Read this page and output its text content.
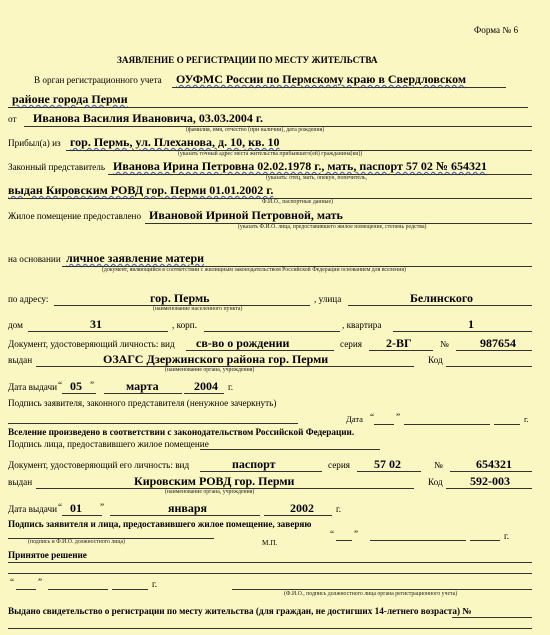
Форма № 6
ЗАЯВЛЕНИЕ О РЕГИСТРАЦИИ ПО МЕСТУ ЖИТЕЛЬСТВА
В орган регистрационного учета ОУФМС России по Пермскому краю в Свердловском
районе города Перми
от Иванова Василия Ивановича, 03.03.2004 г.
(фамилия, имя, отчество (при наличии), дата рождения)
Прибыл(а) из гор. Пермь, ул. Плеханова, д. 10, кв. 10
(указать точный адрес места жительства прибывшего(ей) гражданина(ки))
Законный представитель Иванова Ирина Петровна 02.02.1978 г., мать, паспорт 57 02 № 654321
(указать: отец, мать, опекун, попечитель,
выдан Кировским РОВД гор. Перми 01.01.2002 г.
Ф.И.О., паспортные данные)
Жилое помещение предоставлено Ивановой Ириной Петровной, мать
(указать Ф.И.О. лица, предоставившего жилое помещение, степень родства)
на основании личное заявление матери
(документ, являющийся в соответствии с жилищным законодательством Российской Федерации основанием для вселения)
по адресу:	гор. Пермь
(наименование населенного пункта)
, улица	Белинского
дом	31	, корп.	, квартира	1
Документ, удостоверяющий личность: вид св-во о рождении	серия 2-ВГ	№	987654
выдан	ОЗАГС Дзержинского района гор. Перми
(наименование органа, учреждения)
Код
Дата выдачи “ 05 ”	марта	2004 г.
Подпись заявителя, законного представителя (ненужное зачеркнуть)
Дата “ ”	г.
Вселение произведено в соответствии с законодательством Российской Федерации.
Подпись лица, предоставившего жилое помещение
Документ, удостоверяющий его личность: вид	паспорт	серия 57 02	№	654321
выдан	Кировским РОВД гор. Перми
(наименование органа, учреждения)
Код 592-003
Дата выдачи “ 01 ”	января	2002 г.
Подпись заявителя и лица, предоставившего жилое помещение, заверяю
“ ”	г.
(подпись и Ф.И.О. должностного лица)	М.П.
Принятое решение
“	”	г.
(Ф.И.О., подпись должностного лица органа регистрационного учета)
Выдано свидетельство о регистрации по месту жительства (для граждан, не достигших 14-летнего возраста) №
